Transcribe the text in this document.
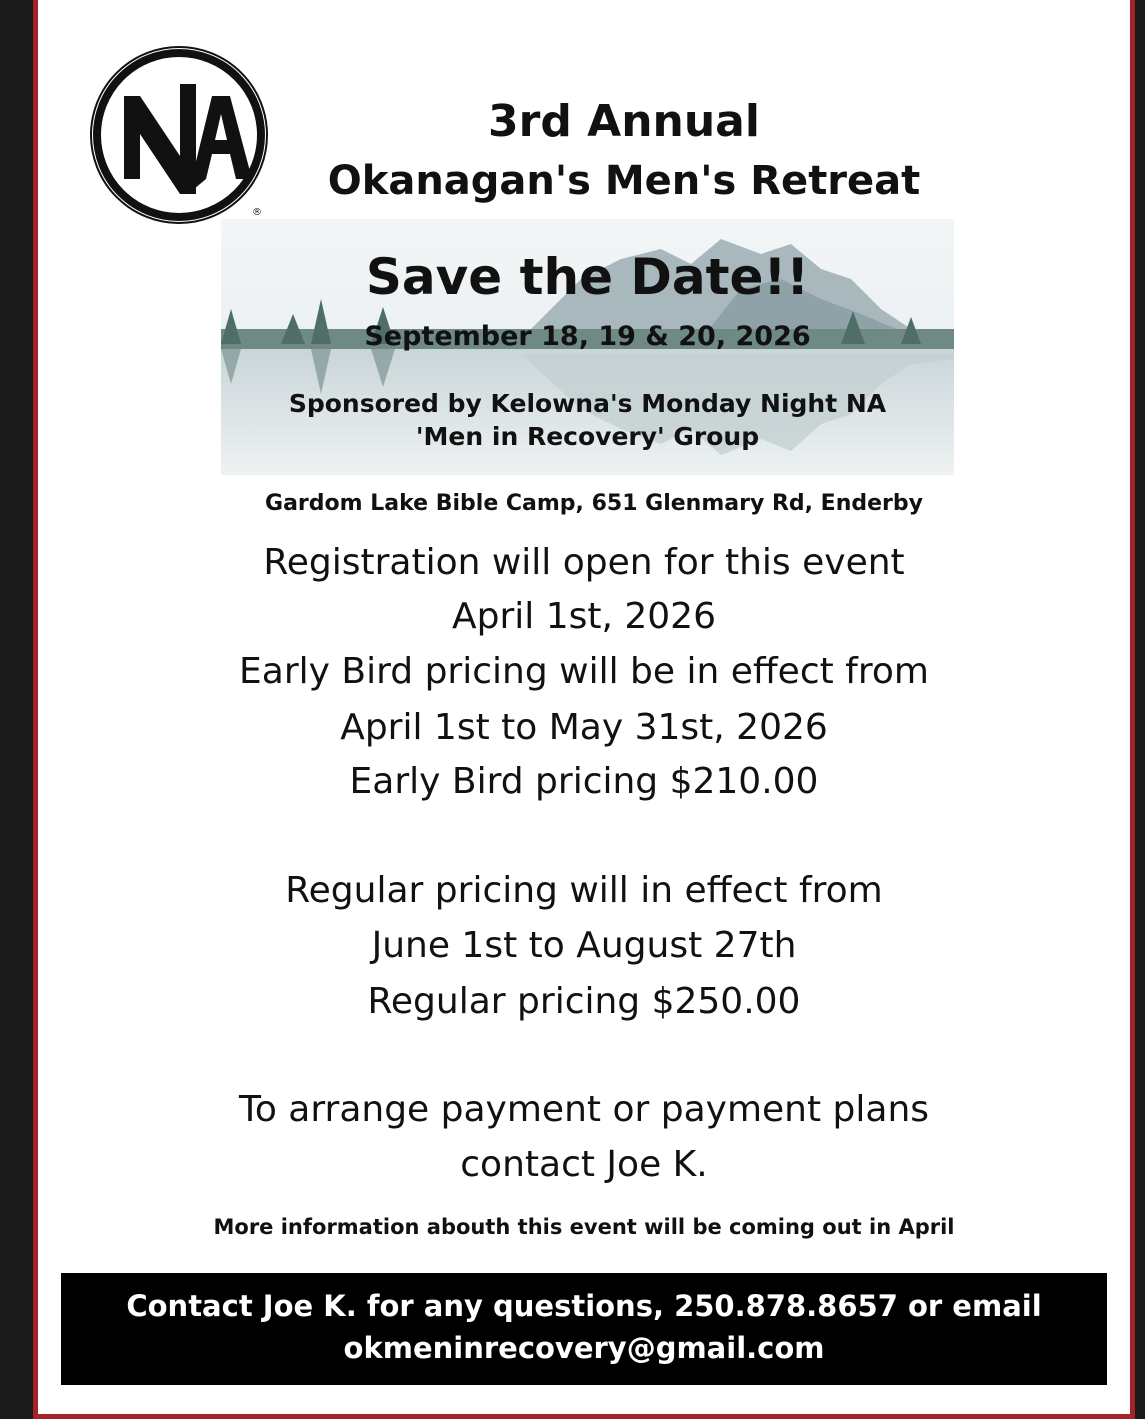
®
3rd Annual
Okanagan's Men's Retreat
Save the Date!!
September 18, 19 & 20, 2026
Sponsored by Kelowna's Monday Night NA
'Men in Recovery' Group
Gardom Lake Bible Camp, 651 Glenmary Rd, Enderby
Registration will open for this event
April 1st, 2026
Early Bird pricing will be in effect from
April 1st to May 31st, 2026
Early Bird pricing $210.00
Regular pricing will in effect from
June 1st to August 27th
Regular pricing $250.00
To arrange payment or payment plans
contact Joe K.
More information abouth this event will be coming out in April
Contact Joe K. for any questions, 250.878.8657 or email
okmeninrecovery@gmail.com
